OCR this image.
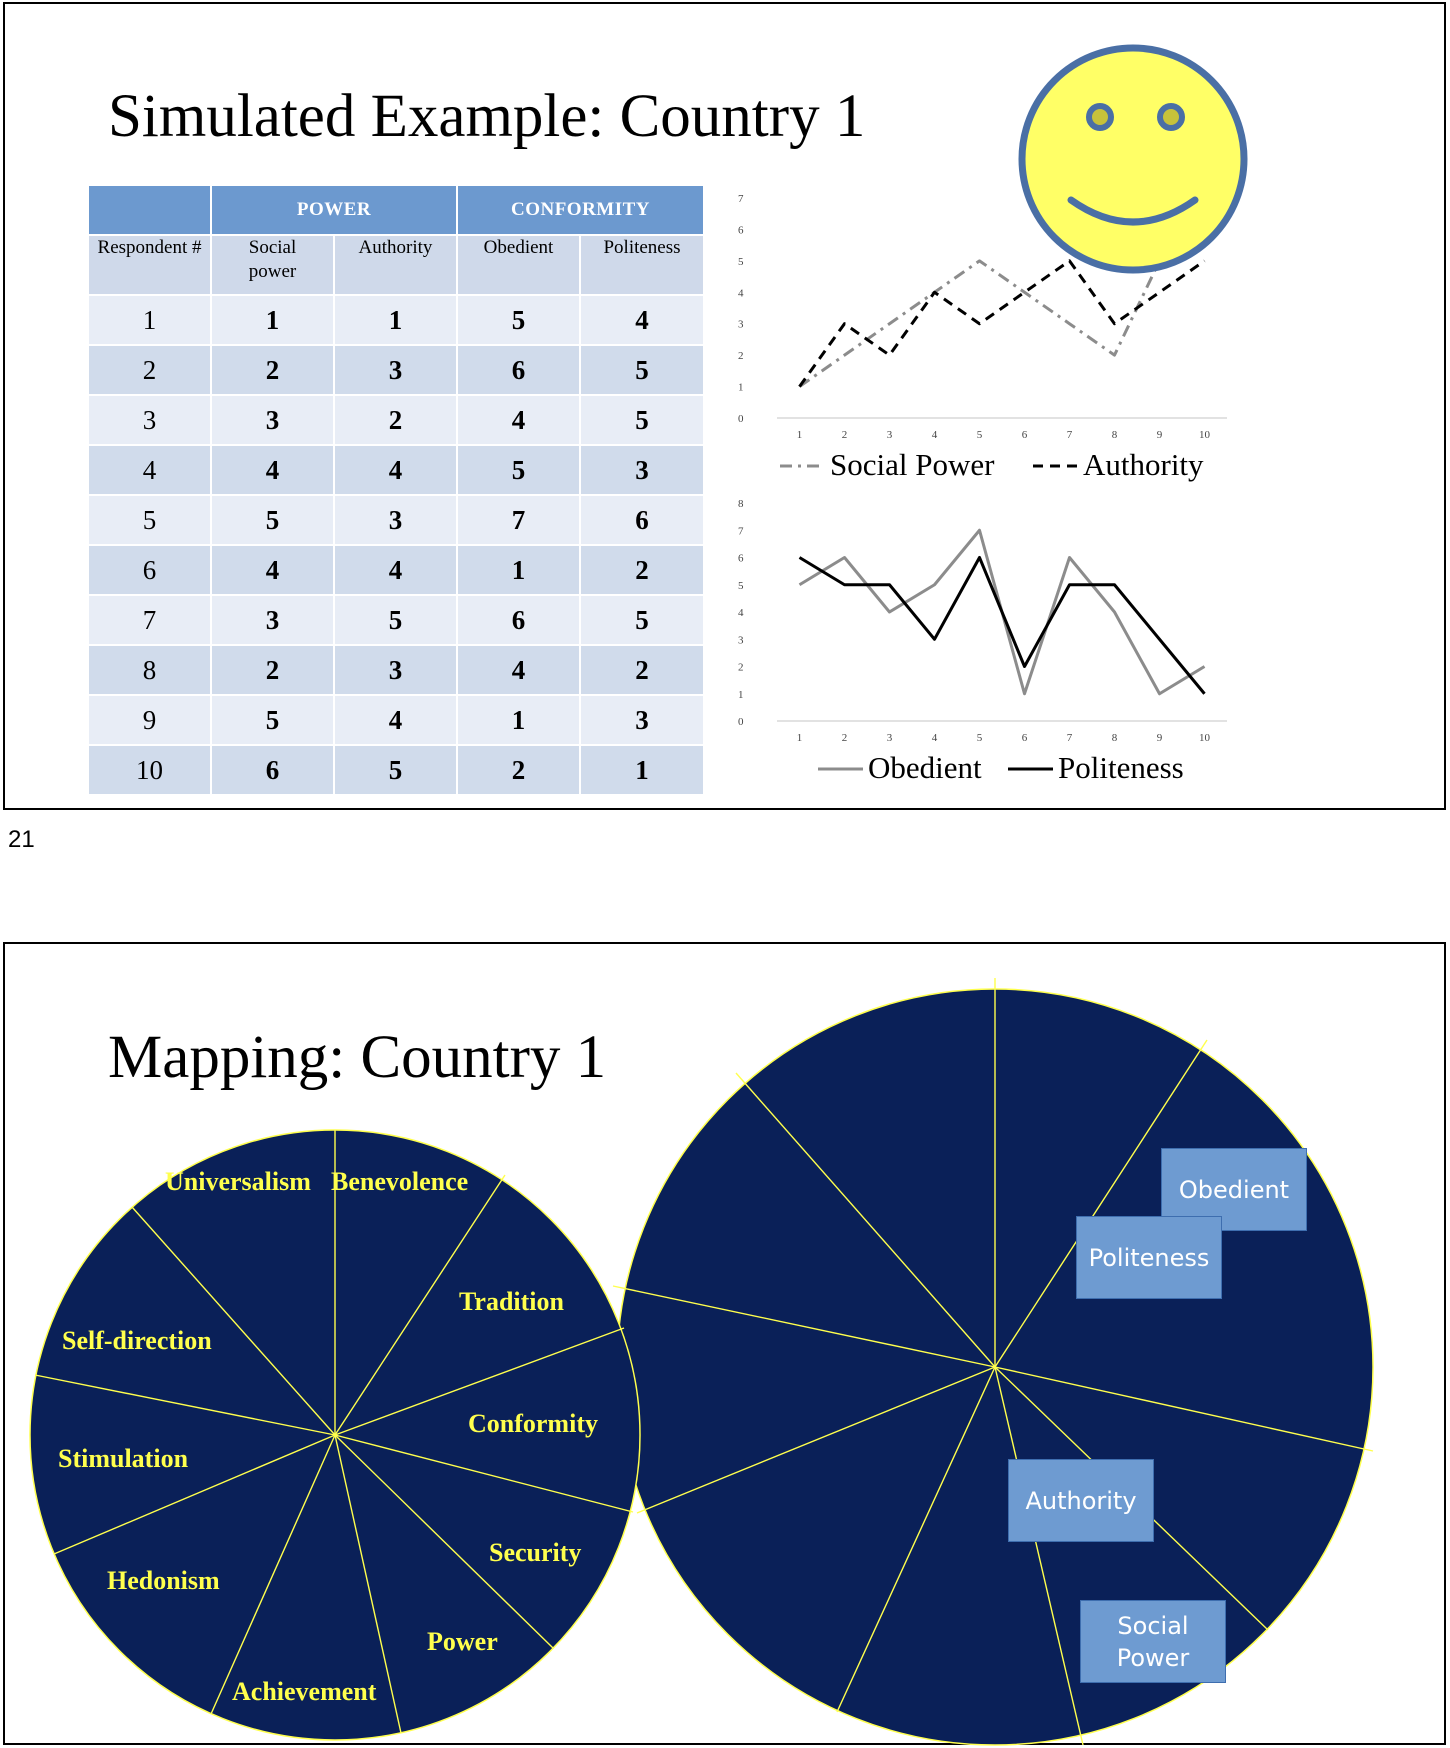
Simulated Example: Country 1
	POWER		CONFORMITY	
Respondent #	Social power	Authority	Obedient	Politeness
1	1	1	5	4
2	2	3	6	5
3	3	2	4	5
4	4	4	5	3
5	5	3	7	6
6	4	4	1	2
7	3	5	6	5
8	2	3	4	2
9	5	4	1	3
10	6	5	2	1
0
1
2
3
4
5
6
7
1	2	3	4	5	6	7	8	9	10
Social Power	Authority
0
1
2
3
4
5
6
7
8
1	2	3	4	5	6	7	8	9	10
Obedient Politeness
21
Universalism Benevolence
Tradition
Self-direction
Conformity
Stimulation
Security
Hedonism
Power
Achievement
Mapping: Country 1
Obedient
Politeness
Authority
Social Power
